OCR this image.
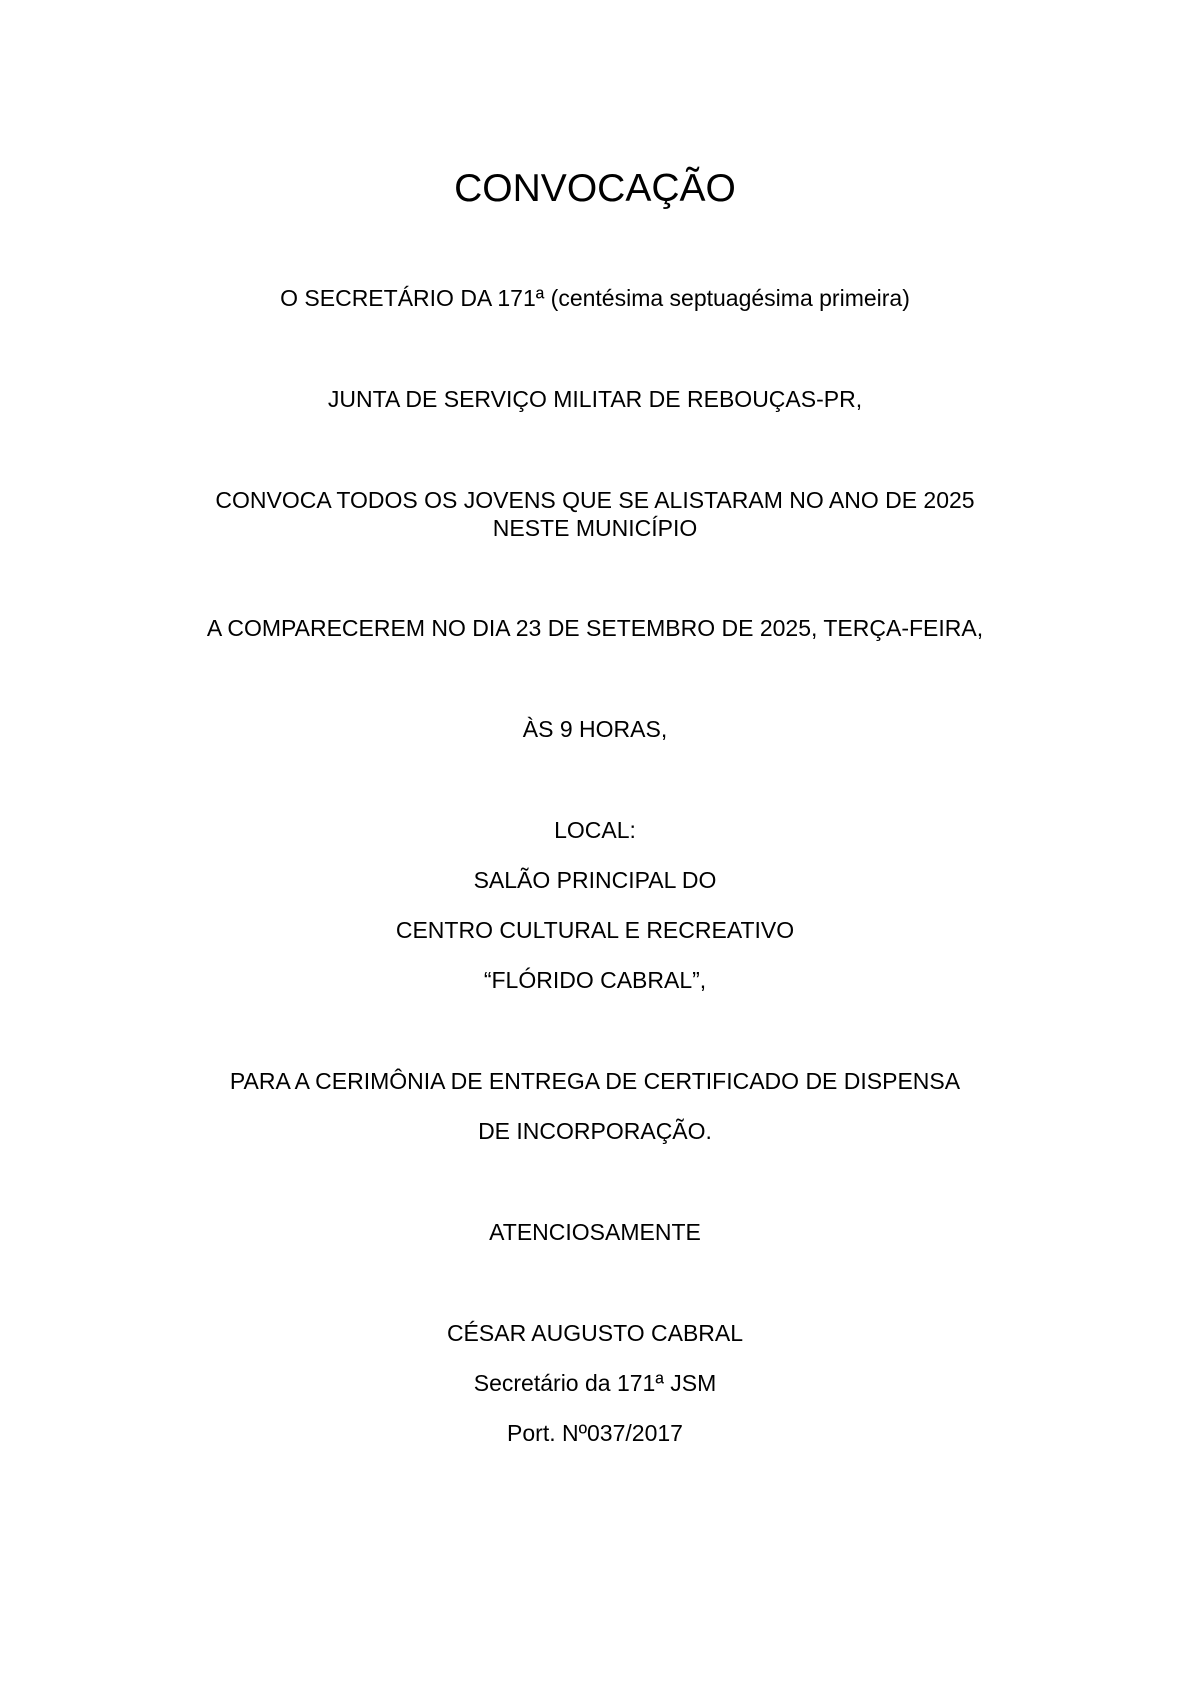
CONVOCAÇÃO
O SECRETÁRIO DA 171ª (centésima septuagésima primeira)
JUNTA DE SERVIÇO MILITAR DE REBOUÇAS-PR,
CONVOCA TODOS OS JOVENS QUE SE ALISTARAM NO ANO DE 2025
NESTE MUNICÍPIO
A COMPARECEREM NO DIA 23 DE SETEMBRO DE 2025, TERÇA-FEIRA,
ÀS 9 HORAS,
LOCAL:
SALÃO PRINCIPAL DO
CENTRO CULTURAL E RECREATIVO
“FLÓRIDO CABRAL”,
PARA A CERIMÔNIA DE ENTREGA DE CERTIFICADO DE DISPENSA
DE INCORPORAÇÃO.
ATENCIOSAMENTE
CÉSAR AUGUSTO CABRAL
Secretário da 171ª JSM
Port. Nº037/2017
